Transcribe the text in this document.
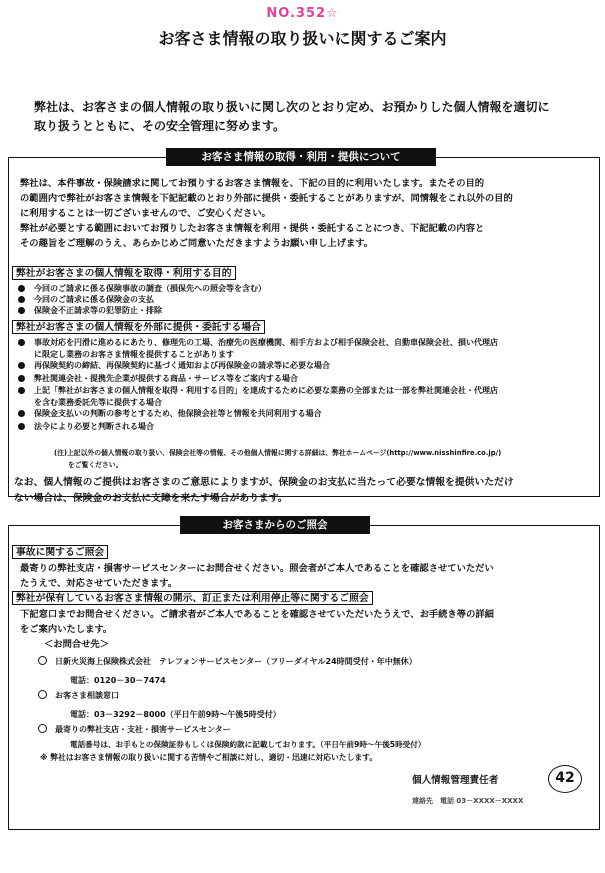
NO.352☆
お客さま情報の取り扱いに関するご案内
弊社は、お客さまの個人情報の取り扱いに関し次のとおり定め、お預かりした個人情報を適切に
取り扱うとともに、その安全管理に努めます。
お客さま情報の取得・利用・提供について
弊社は、本件事故・保険請求に関してお預りするお客さま情報を、下記の目的に利用いたします。またその目的
の範囲内で弊社がお客さま情報を下記記載のとおり外部に提供・委託することがありますが、同情報をこれ以外の目的
に利用することは一切ございませんので、ご安心ください。
弊社が必要とする範囲においてお預りしたお客さま情報を利用・提供・委託することにつき、下記記載の内容と
その趣旨をご理解のうえ、あらかじめご同意いただきますようお願い申し上げます。
弊社がお客さまの個人情報を取得・利用する目的
今回のご請求に係る保険事故の調査（損保先への照会等を含む）
今回のご請求に係る保険金の支払
保険金不正請求等の犯罪防止・排除
弊社がお客さまの個人情報を外部に提供・委託する場合
事故対応を円滑に進めるにあたり、修理先の工場、治療先の医療機関、相手方および相手保険会社、自動車保険会社、損い代理店
に限定し業務のお客さま情報を提供することがあります
再保険契約の締結、再保険契約に基づく通知および再保険金の請求等に必要な場合
弊社関連会社・提携先企業が提供する商品・サービス等をご案内する場合
上記「弊社がお客さまの個人情報を取得・利用する目的」を達成するために必要な業務の全部または一部を弊社関連会社・代理店
を含む業務委託先等に提供する場合
保険金支払いの判断の参考とするため、他保険会社等と情報を共同利用する場合
法令により必要と判断される場合
(注)上記以外の個人情報の取り扱い、保険会社等の情報、その他個人情報に関する詳細は、弊社ホームページ(http://www.nisshinfire.co.jp/)
をご覧ください。
なお、個人情報のご提供はお客さまのご意思によりますが、保険金のお支払に当たって必要な情報を提供いただけ
ない場合は、保険金のお支払に支障を来たす場合があります。
お客さまからのご照会
事故に関するご照会
最寄りの弊社支店・損害サービスセンターにお問合せください。照会者がご本人であることを確認させていただい
たうえで、対応させていただきます。
弊社が保有しているお客さま情報の開示、訂正または利用停止等に関するご照会
下記窓口までお問合せください。ご請求者がご本人であることを確認させていただいたうえで、お手続き等の詳細
をご案内いたします。
＜お問合せ先＞
日新火災海上保険株式会社　テレフォンサービスセンター（フリーダイヤル24時間受付・年中無休）
電話：0120－30－7474
お客さま相談窓口
電話：03－3292－8000（平日午前9時～午後5時受付）
最寄りの弊社支店・支社・損害サービスセンター
電話番号は、お手もとの保険証券もしくは保険約款に記載しております。（平日午前9時～午後5時受付）
※ 弊社はお客さま情報の取り扱いに関する苦情やご相談に対し、適切・迅速に対応いたします。
個人情報管理責任者
連絡先　電話 03－XXXX－XXXX
42
